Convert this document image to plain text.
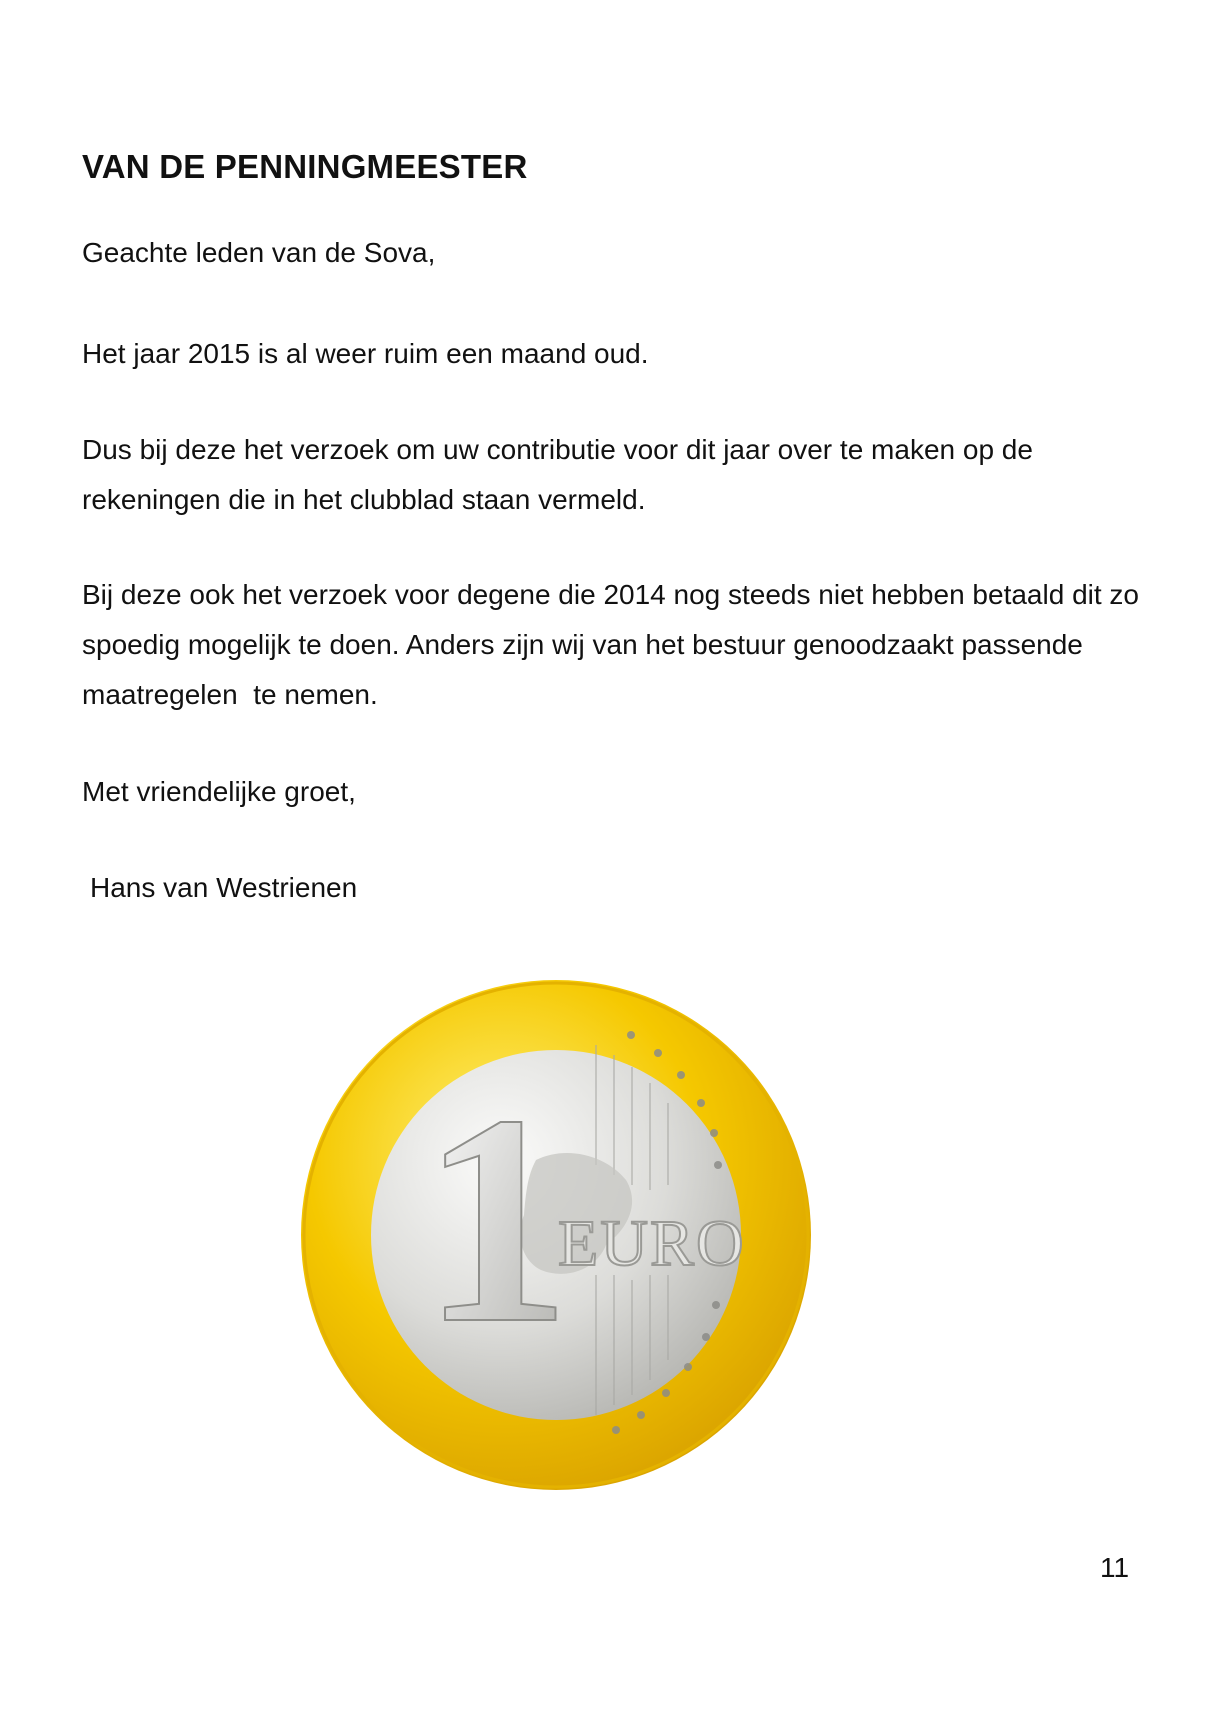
VAN DE PENNINGMEESTER

Geachte leden van de Sova,

Het jaar 2015 is al weer ruim een maand oud.

Dus bij deze het verzoek om uw contributie voor dit jaar over te maken op de rekeningen die in het clubblad staan vermeld.

Bij deze ook het verzoek voor degene die 2014 nog steeds niet hebben betaald dit zo spoedig mogelijk te doen. Anders zijn wij van het bestuur genoodzaakt passende maatregelen  te nemen.

Met vriendelijke groet,

Hans van Westrienen

1
EURO
11
